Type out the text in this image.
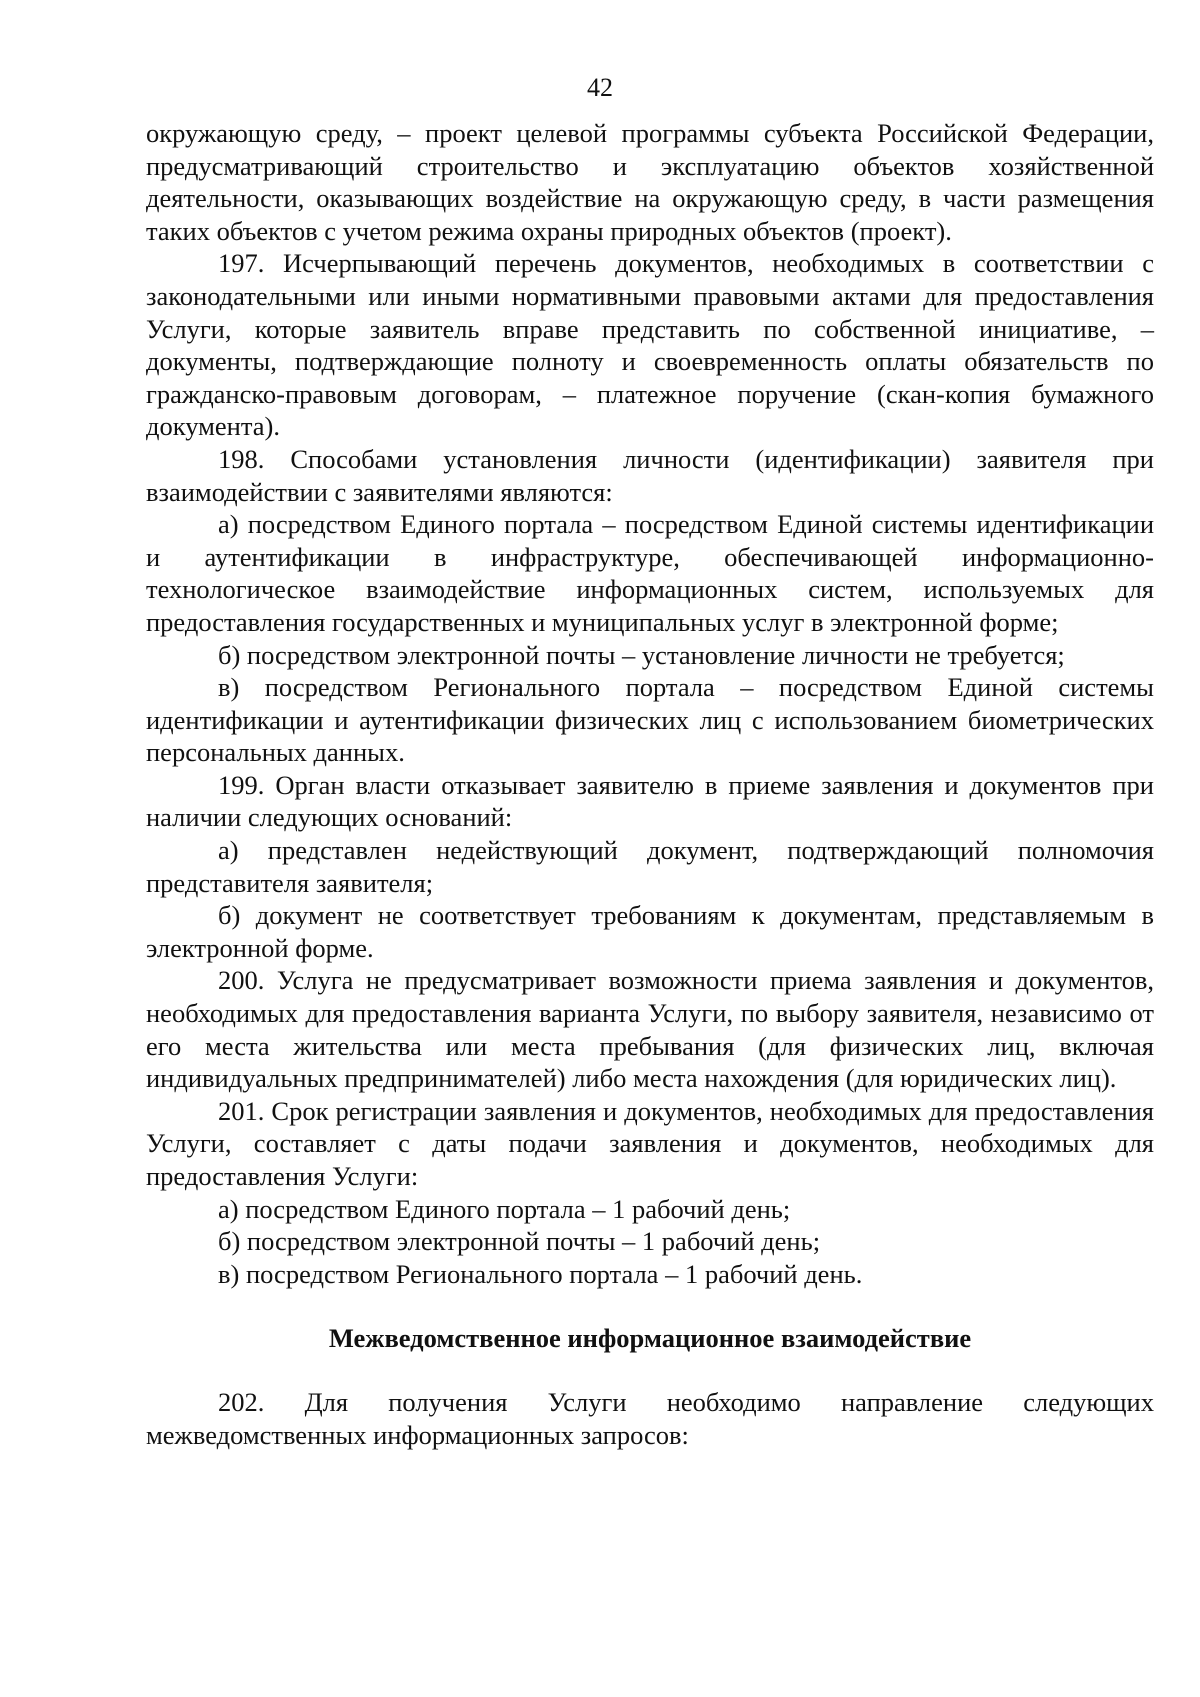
42

окружающую среду, – проект целевой программы субъекта Российской Федерации, предусматривающий строительство и эксплуатацию объектов хозяйственной деятельности, оказывающих воздействие на окружающую среду, в части размещения таких объектов с учетом режима охраны природных объектов (проект).

197. Исчерпывающий перечень документов, необходимых в соответствии с законодательными или иными нормативными правовыми актами для предоставления Услуги, которые заявитель вправе представить по собственной инициативе, – документы, подтверждающие полноту и своевременность оплаты обязательств по гражданско-правовым договорам, – платежное поручение (скан-копия бумажного документа).

198. Способами установления личности (идентификации) заявителя при взаимодействии с заявителями являются:

а) посредством Единого портала – посредством Единой системы идентификации и аутентификации в инфраструктуре, обеспечивающей информационно-технологическое взаимодействие информационных систем, используемых для предоставления государственных и муниципальных услуг в электронной форме;

б) посредством электронной почты – установление личности не требуется;

в) посредством Регионального портала – посредством Единой системы идентификации и аутентификации физических лиц с использованием биометрических персональных данных.

199. Орган власти отказывает заявителю в приеме заявления и документов при наличии следующих оснований:

а) представлен недействующий документ, подтверждающий полномочия представителя заявителя;

б) документ не соответствует требованиям к документам, представляемым в электронной форме.

200. Услуга не предусматривает возможности приема заявления и документов, необходимых для предоставления варианта Услуги, по выбору заявителя, независимо от его места жительства или места пребывания (для физических лиц, включая индивидуальных предпринимателей) либо места нахождения (для юридических лиц).

201. Срок регистрации заявления и документов, необходимых для предоставления Услуги, составляет с даты подачи заявления и документов, необходимых для предоставления Услуги:

а) посредством Единого портала – 1 рабочий день;

б) посредством электронной почты – 1 рабочий день;

в) посредством Регионального портала – 1 рабочий день.

Межведомственное информационное взаимодействие

202. Для получения Услуги необходимо направление следующих межведомственных информационных запросов:
